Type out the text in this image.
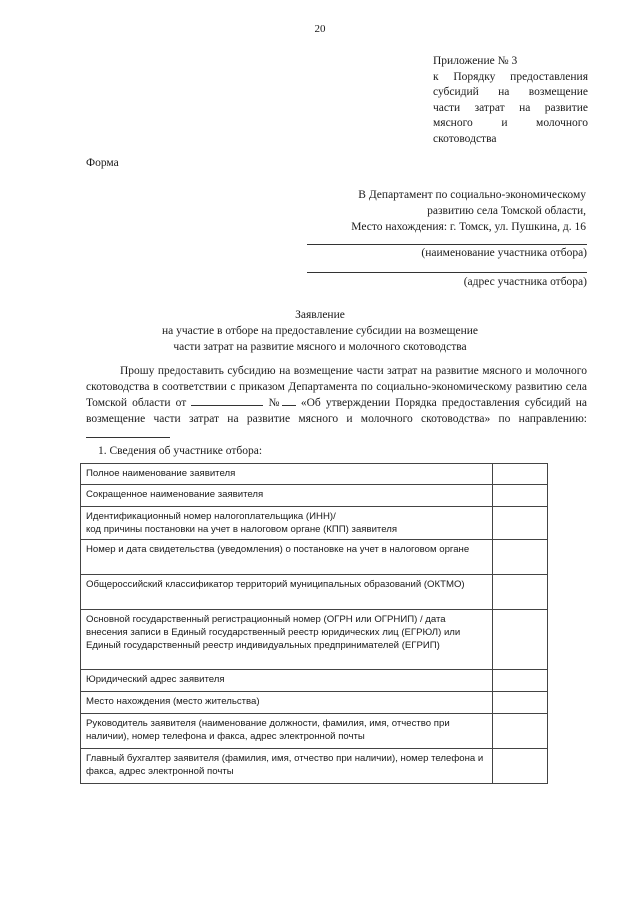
20
Приложение № 3
к Порядку предоставления
субсидий на возмещение
части затрат на развитие
мясного и молочного
скотоводства
Форма
В Департамент по социально-экономическому
развитию села Томской области,
Место нахождения: г. Томск, ул. Пушкина, д. 16
(наименование участника отбора)
(адрес участника отбора)
Заявление
на участие в отборе на предоставление субсидии на возмещение
части затрат на развитие мясного и молочного скотоводства

Прошу предоставить субсидию на возмещение части затрат на развитие мясного и молочного скотоводства в соответствии с приказом Департамента по социально-экономическому развитию села Томской области от	№ «Об утверждении Порядка предоставления субсидий на возмещение части затрат на развитие мясного и молочного скотоводства» по направлению:

1. Сведения об участнике отбора:

Полное наименование заявителя	
Сокращенное наименование заявителя	
Идентификационный номер налогоплательщика (ИНН)/
код причины постановки на учет в налоговом органе (КПП) заявителя	
Номер и дата свидетельства (уведомления) о постановке на учет в налоговом органе	
Общероссийский классификатор территорий муниципальных образований (ОКТМО)	
Основной государственный регистрационный номер (ОГРН или ОГРНИП) / дата внесения записи в Единый государственный реестр юридических лиц (ЕГРЮЛ) или Единый государственный реестр индивидуальных предпринимателей (ЕГРИП)	
Юридический адрес заявителя	
Место нахождения (место жительства)	
Руководитель заявителя (наименование должности, фамилия, имя, отчество при наличии), номер телефона и факса, адрес электронной почты	
Главный бухгалтер заявителя (фамилия, имя, отчество при наличии), номер телефона и факса, адрес электронной почты	
